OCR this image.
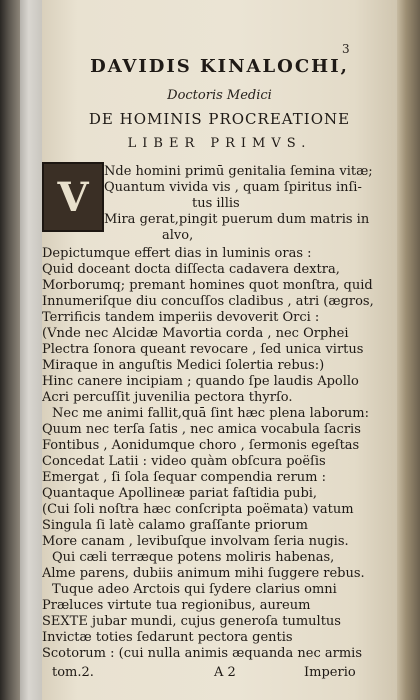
3
DAVIDIS KINALOCHI,
Doctoris Medici
DE HOMINIS PROCREATIONE
LIBER PRIMVS.
V
Nde homini primū genitalia ſemina vitæ;
Quantum vivida vis , quam ſpiritus inſi-
tus illis
Mira gerat,pingit puerum dum matris in
alvo,
Depictumque effert dias in luminis oras :
Quid doceant docta diſſecta cadavera dextra,
Morborumq; premant homines quot monſtra, quid
Innumeriſque diu concuſſos cladibus , atri (ægros,
Terrificis tandem imperiis devoverit Orci :
(Vnde nec Alcidæ Mavortia corda , nec Orphei
Plectra ſonora queant revocare , ſed unica virtus
Miraque in anguſtis Medici ſolertia rebus:)
Hinc canere incipiam ; quando ſpe laudis Apollo
Acri percuſſit juvenilia pectora thyrſo.
Nec me animi fallit,quā ſint hæc plena laborum:
Quum nec terſa ſatis , nec amica vocabula ſacris
Fontibus , Aonidumque choro , ſermonis egeſtas
Concedat Latii : video quàm obſcura poëſis
Emergat , ſi ſola ſequar compendia rerum :
Quantaque Apollineæ pariat faſtidia pubi,
(Cui ſoli noſtra hæc conſcripta poëmata) vatum
Singula ſi latè calamo graſſante priorum
More canam , levibuſque involvam ſeria nugis.
Qui cæli terræque potens moliris habenas,
Alme parens, dubiis animum mihi ſuggere rebus.
Tuque adeo Arctois qui ſydere clarius omni
Præluces virtute tua regionibus, aureum
SEXTE jubar mundi, cujus generoſa tumultus
Invictæ toties ſedarunt pectora gentis
Scotorum : (cui nulla animis æquanda nec armis
tom.2.	A 2	Imperio
